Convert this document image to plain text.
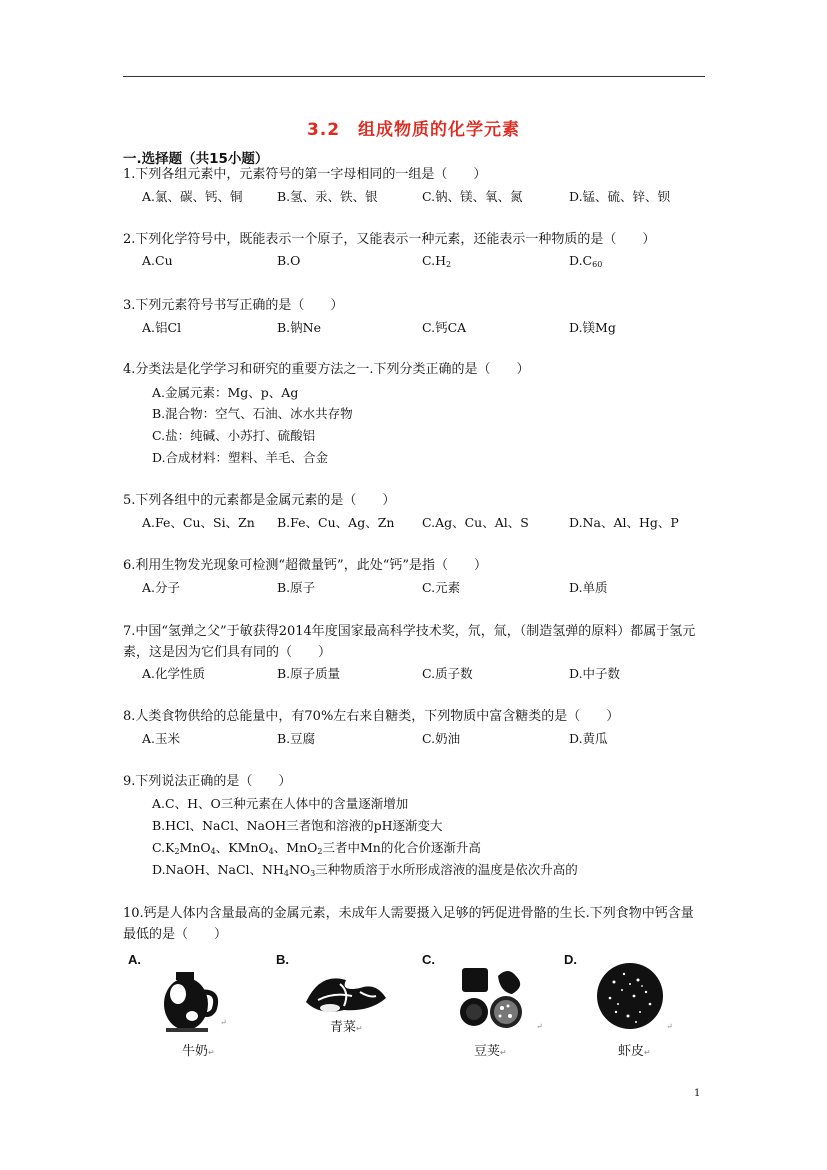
3.2　组成物质的化学元素
一.选择题（共15小题）
1.下列各组元素中，元素符号的第一字母相同的一组是（　　）
A.氯、碳、钙、铜	B.氢、汞、铁、银	C.钠、镁、氧、氮	D.锰、硫、锌、钡
2.下列化学符号中，既能表示一个原子，又能表示一种元素，还能表示一种物质的是（　　）
A.Cu	B.O	$C.H_2$	$D.C_{60}$
3.下列元素符号书写正确的是（　　）
A.铝Cl	B.钠Ne	C.钙CA	D.镁Mg
4.分类法是化学学习和研究的重要方法之一.下列分类正确的是（　　）
A.金属元素：Mg、p、Ag
B.混合物：空气、石油、冰水共存物
C.盐：纯碱、小苏打、硫酸铝
D.合成材料：塑料、羊毛、合金
5.下列各组中的元素都是金属元素的是（　　）
A.Fe、Cu、Si、Zn B.Fe、Cu、Ag、Zn C.Ag、Cu、Al、S	D.Na、Al、Hg、P
6.利用生物发光现象可检测“超微量钙”，此处“钙”是指（　　）
A.分子	B.原子	C.元素	D.单质
7.中国“氢弹之父”于敏获得2014年度国家最高科学技术奖，氘，氚，（制造氢弹的原料）都属于氢元素，这是因为它们具有同的（　　）
A.化学性质	B.原子质量	C.质子数	D.中子数
8.人类食物供给的总能量中，有70%左右来自糖类，下列物质中富含糖类的是（　　）
A.玉米	B.豆腐	C.奶油	D.黄瓜
9.下列说法正确的是（　　）
A.C、H、O三种元素在人体中的含量逐渐增加
B.HCl、NaCl、NaOH三者饱和溶液的pH逐渐变大
$C.K_2MnO_4$、KMnO$_4$、MnO$_2$三者中Mn的化合价逐渐升高
D.NaOH、NaCl、$NH_4NO_3$三种物质溶于水所形成溶液的温度是依次升高的
10.钙是人体内含量最高的金属元素，未成年人需要摄入足够的钙促进骨骼的生长.下列食物中钙含量最低的是（　　）
A.
↵
牛奶↵
B.
青菜↵
C.
↵
豆荚↵
D.
↵
虾皮↵
1
